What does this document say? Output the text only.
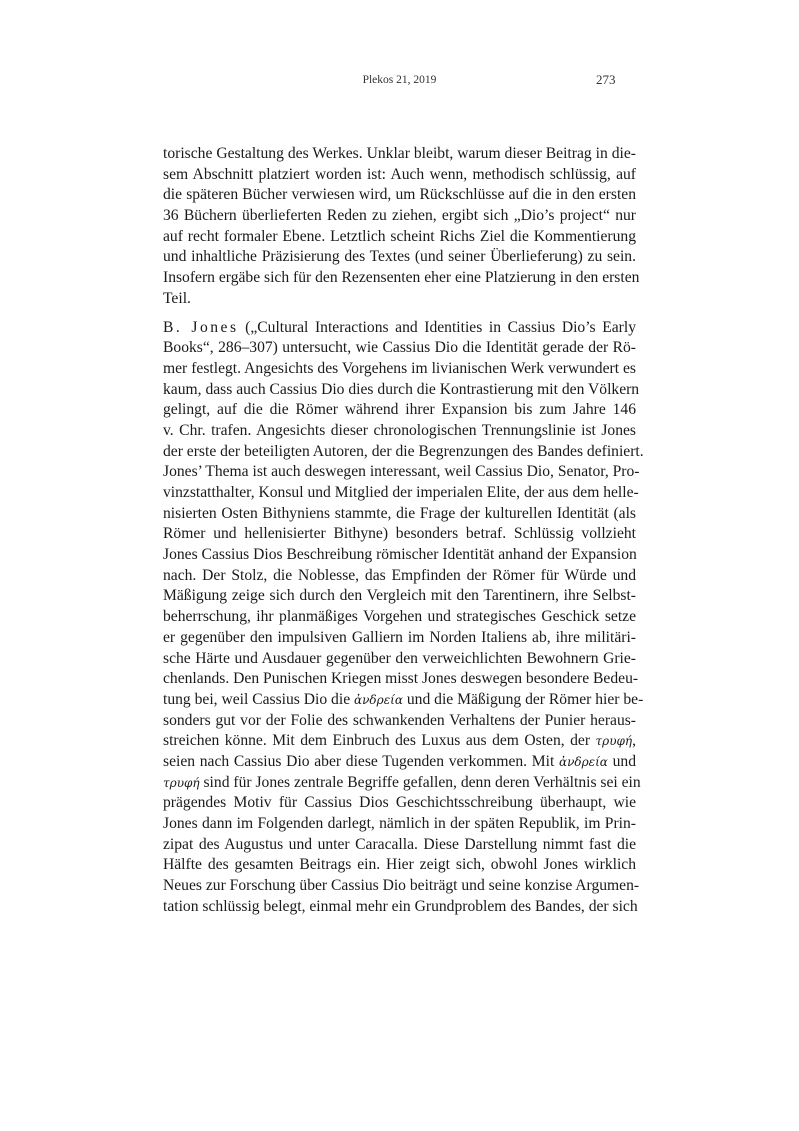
Plekos 21, 2019	273

torische Gestaltung des Werkes. Unklar bleibt, warum dieser Beitrag in die-
sem Abschnitt platziert worden ist: Auch wenn, methodisch schlüssig, auf
die späteren Bücher verwiesen wird, um Rückschlüsse auf die in den ersten
36 Büchern überlieferten Reden zu ziehen, ergibt sich „Dio’s project“ nur
auf recht formaler Ebene. Letztlich scheint Richs Ziel die Kommentierung
und inhaltliche Präzisierung des Textes (und seiner Überlieferung) zu sein.
Insofern ergäbe sich für den Rezensenten eher eine Platzierung in den ersten
Teil.

B. Jones („Cultural Interactions and Identities in Cassius Dio’s Early
Books“, 286–307) untersucht, wie Cassius Dio die Identität gerade der Rö-
mer festlegt. Angesichts des Vorgehens im livianischen Werk verwundert es
kaum, dass auch Cassius Dio dies durch die Kontrastierung mit den Völkern
gelingt, auf die die Römer während ihrer Expansion bis zum Jahre 146
v. Chr. trafen. Angesichts dieser chronologischen Trennungslinie ist Jones
der erste der beteiligten Autoren, der die Begrenzungen des Bandes definiert.
Jones’ Thema ist auch deswegen interessant, weil Cassius Dio, Senator, Pro-
vinzstatthalter, Konsul und Mitglied der imperialen Elite, der aus dem helle-
nisierten Osten Bithyniens stammte, die Frage der kulturellen Identität (als
Römer und hellenisierter Bithyne) besonders betraf. Schlüssig vollzieht
Jones Cassius Dios Beschreibung römischer Identität anhand der Expansion
nach. Der Stolz, die Noblesse, das Empfinden der Römer für Würde und
Mäßigung zeige sich durch den Vergleich mit den Tarentinern, ihre Selbst-
beherrschung, ihr planmäßiges Vorgehen und strategisches Geschick setze
er gegenüber den impulsiven Galliern im Norden Italiens ab, ihre militäri-
sche Härte und Ausdauer gegenüber den verweichlichten Bewohnern Grie-
chenlands. Den Punischen Kriegen misst Jones deswegen besondere Bedeu-
tung bei, weil Cassius Dio die ἀνδρεία und die Mäßigung der Römer hier be-
sonders gut vor der Folie des schwankenden Verhaltens der Punier heraus-
streichen könne. Mit dem Einbruch des Luxus aus dem Osten, der τρυφή,
seien nach Cassius Dio aber diese Tugenden verkommen. Mit ἀνδρεία und
τρυφή sind für Jones zentrale Begriffe gefallen, denn deren Verhältnis sei ein
prägendes Motiv für Cassius Dios Geschichtsschreibung überhaupt, wie
Jones dann im Folgenden darlegt, nämlich in der späten Republik, im Prin-
zipat des Augustus und unter Caracalla. Diese Darstellung nimmt fast die
Hälfte des gesamten Beitrags ein. Hier zeigt sich, obwohl Jones wirklich
Neues zur Forschung über Cassius Dio beiträgt und seine konzise Argumen-
tation schlüssig belegt, einmal mehr ein Grundproblem des Bandes, der sich
